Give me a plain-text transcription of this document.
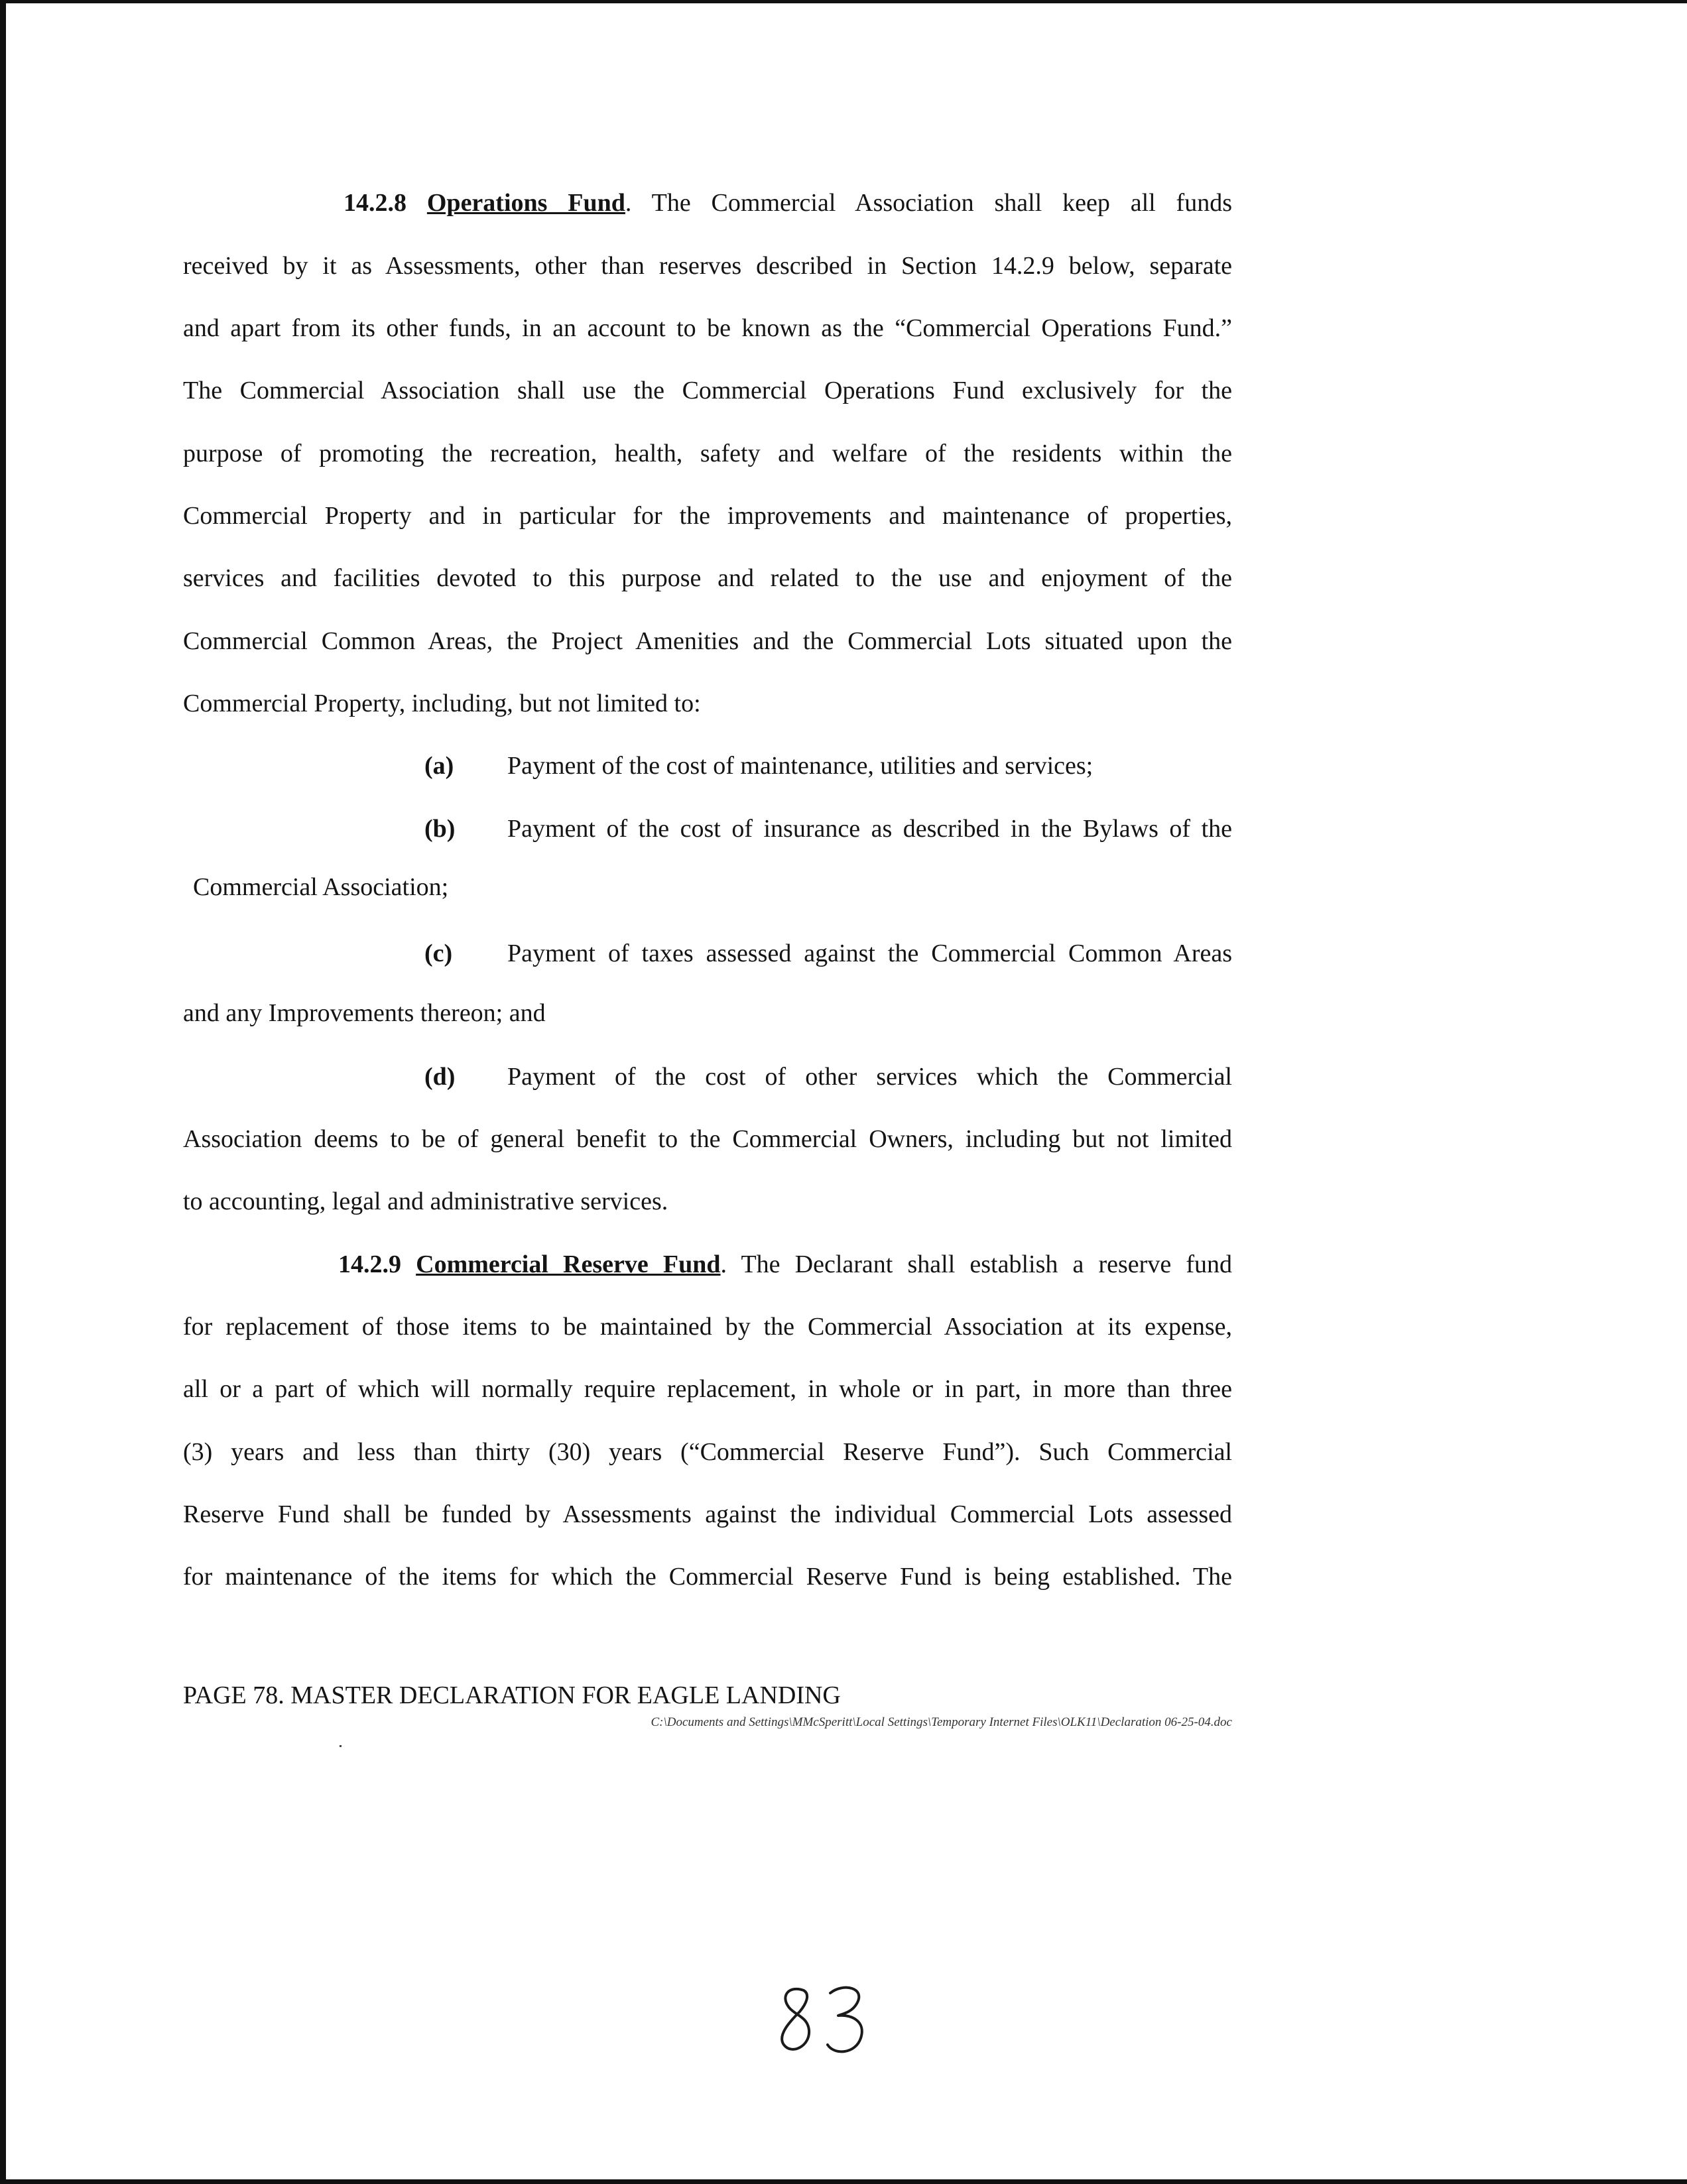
14.2.8 Operations Fund. The Commercial Association shall keep all funds
received by it as Assessments, other than reserves described in Section 14.2.9 below, separate
and apart from its other funds, in an account to be known as the “Commercial Operations Fund.”
The Commercial Association shall use the Commercial Operations Fund exclusively for the
purpose of promoting the recreation, health, safety and welfare of the residents within the
Commercial Property and in particular for the improvements and maintenance of properties,
services and facilities devoted to this purpose and related to the use and enjoyment of the
Commercial Common Areas, the Project Amenities and the Commercial Lots situated upon the
Commercial Property, including, but not limited to:
(a) Payment of the cost of maintenance, utilities and services;
(b) Payment of the cost of insurance as described in the Bylaws of the
Commercial Association;
(c) Payment of taxes assessed against the Commercial Common Areas
and any Improvements thereon; and
(d) Payment of the cost of other services which the Commercial
Association deems to be of general benefit to the Commercial Owners, including but not limited
to accounting, legal and administrative services.
14.2.9 Commercial Reserve Fund. The Declarant shall establish a reserve fund
for replacement of those items to be maintained by the Commercial Association at its expense,
all or a part of which will normally require replacement, in whole or in part, in more than three
(3) years and less than thirty (30) years (“Commercial Reserve Fund”). Such Commercial
Reserve Fund shall be funded by Assessments against the individual Commercial Lots assessed
for maintenance of the items for which the Commercial Reserve Fund is being established. The
PAGE 78. MASTER DECLARATION FOR EAGLE LANDING
C:\Documents and Settings\MMcSperitt\Local Settings\Temporary Internet Files\OLK11\Declaration 06-25-04.doc
